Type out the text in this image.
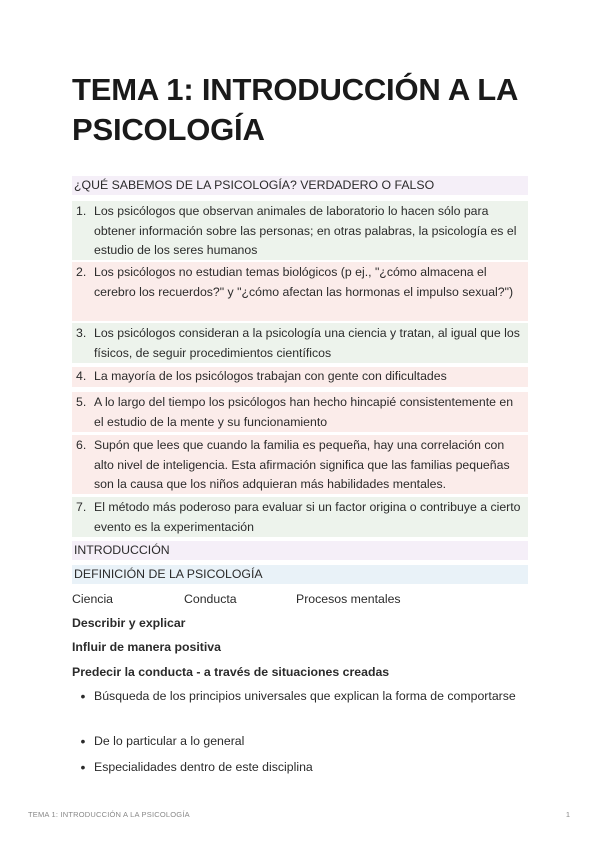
TEMA 1: INTRODUCCIÓN A LA PSICOLOGÍA
¿QUÉ SABEMOS DE LA PSICOLOGÍA? VERDADERO O FALSO
1. Los psicólogos que observan animales de laboratorio lo hacen sólo para obtener información sobre las personas; en otras palabras, la psicología es el estudio de los seres humanos
2. Los psicólogos no estudian temas biológicos (p ej., "¿cómo almacena el cerebro los recuerdos?" y "¿cómo afectan las hormonas el impulso sexual?")
3. Los psicólogos consideran a la psicología una ciencia y tratan, al igual que los físicos, de seguir procedimientos científicos
4. La mayoría de los psicólogos trabajan con gente con dificultades
5. A lo largo del tiempo los psicólogos han hecho hincapié consistentemente en el estudio de la mente y su funcionamiento
6. Supón que lees que cuando la familia es pequeña, hay una correlación con alto nivel de inteligencia. Esta afirmación significa que las familias pequeñas son la causa que los niños adquieran más habilidades mentales.
7. El método más poderoso para evaluar si un factor origina o contribuye a cierto evento es la experimentación
INTRODUCCIÓN
DEFINICIÓN DE LA PSICOLOGÍA
Ciencia	Conducta	Procesos mentales
Describir y explicar
Influir de manera positiva
Predecir la conducta - a través de situaciones creadas
• Búsqueda de los principios universales que explican la forma de comportarse
• De lo particular a lo general
• Especialidades dentro de este disciplina
TEMA 1: INTRODUCCIÓN A LA PSICOLOGÍA	1
